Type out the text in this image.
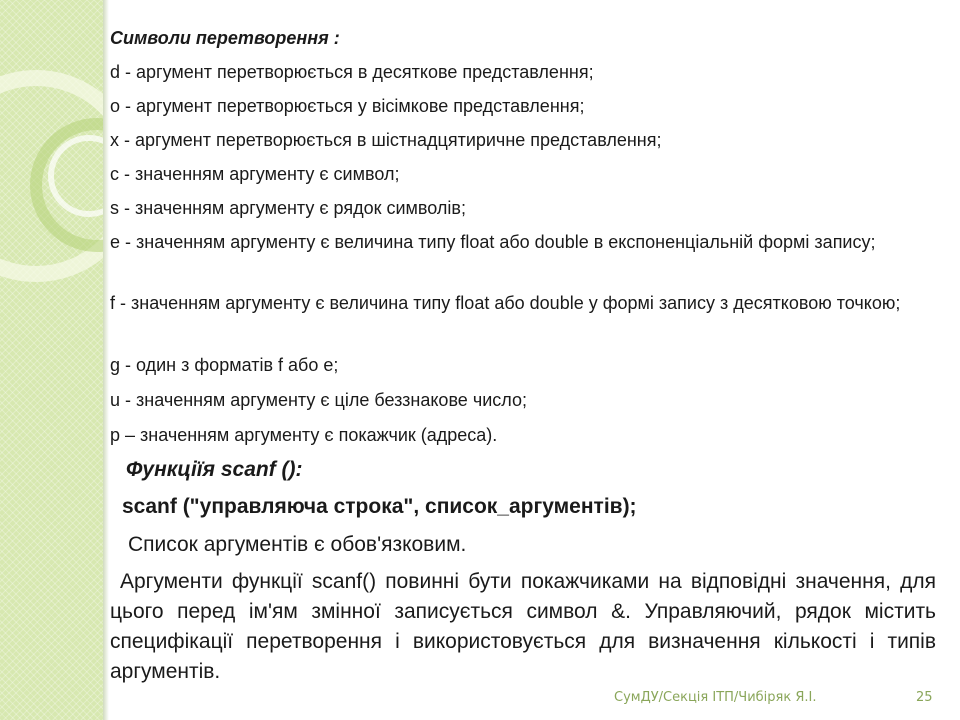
Символи перетворення :
d - аргумент перетворюється в десяткове представлення;
o - аргумент перетворюється у вісімкове представлення;
x - аргумент перетворюється в шістнадцятиричне представлення;
c - значенням аргументу є символ;
s - значенням аргументу є рядок символів;
e - значенням аргументу є величина типу float або double в експоненціальній формі запису;
f - значенням аргументу є величина типу float або double у формі запису з десятковою точкою;
g - один з форматів f або e;
u - значенням аргументу є ціле беззнакове число;
p – значенням аргументу є покажчик (адреса).
Функціїя scanf ():
scanf ("управляюча строка", список_аргументів);
Список аргументів є обов'язковим.
Аргументи функції scanf() повинні бути покажчиками на відповідні значення, для цього перед ім'ям змінної записується символ &. Управляючий, рядок містить специфікації перетворення і використовується для визначення кількості і типів аргументів.
СумДУ/Секція ІТП/Чибіряк Я.І.	25
